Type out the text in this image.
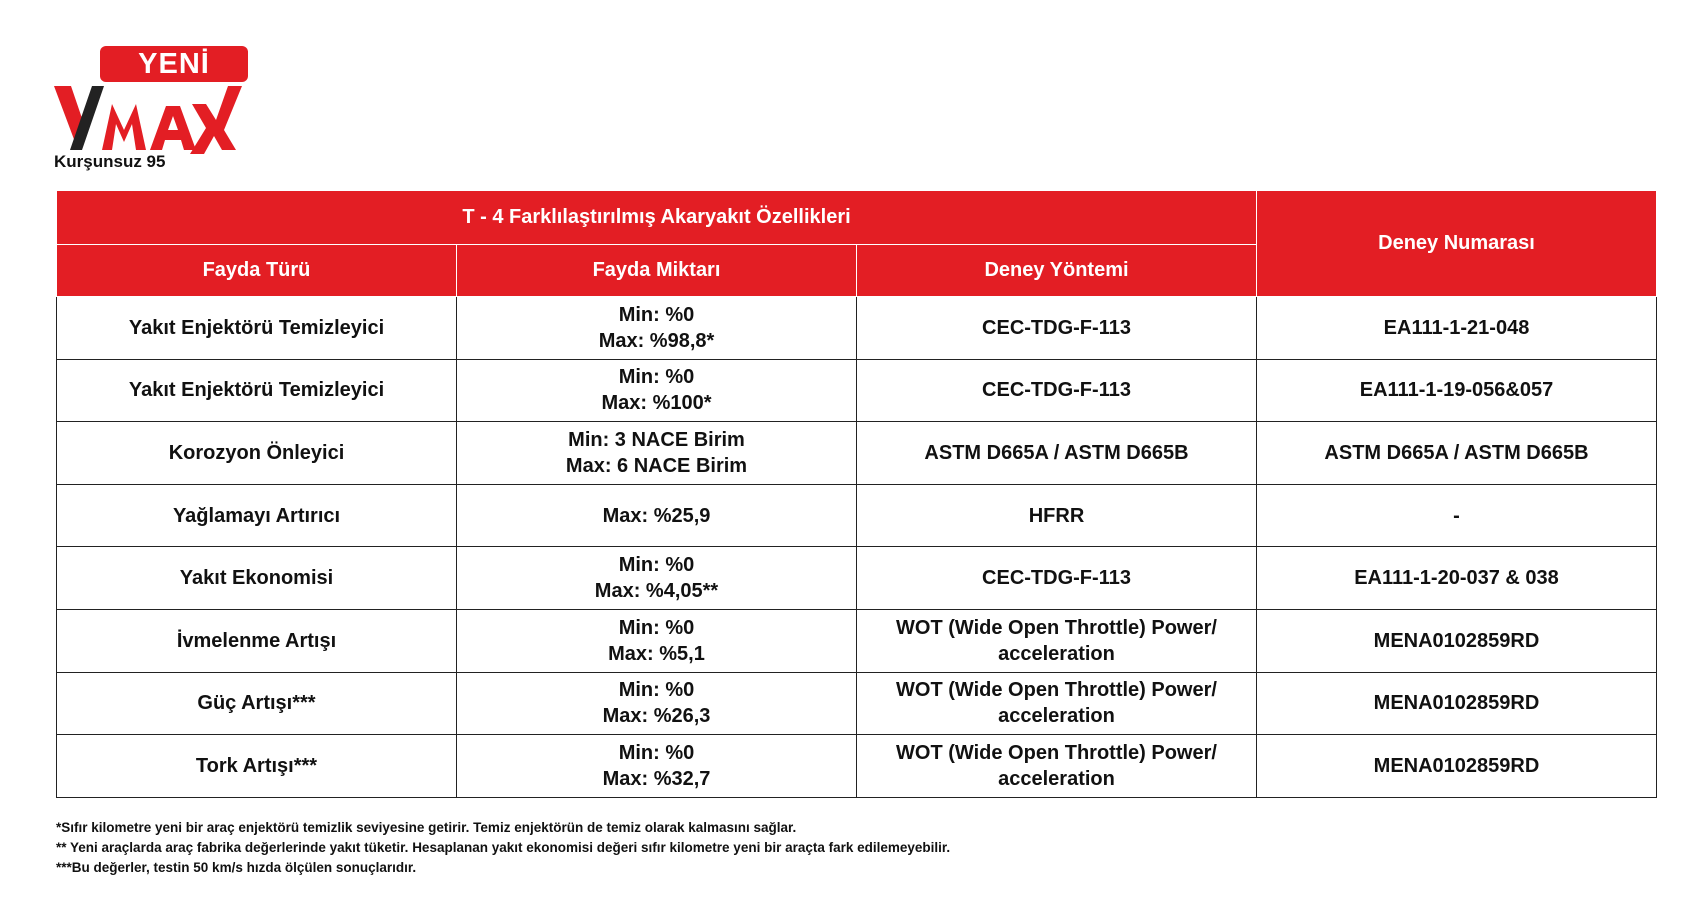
YENİ
Kurşunsuz 95
T - 4 Farklılaştırılmış Akaryakıt Özellikleri			Deney Numarası
Fayda Türü	Fayda Miktarı	Deney Yöntemi	
Yakıt Enjektörü Temizleyici	Min: %0
Max: %98,8*	CEC-TDG-F-113	EA111-1-21-048
Yakıt Enjektörü Temizleyici	Min: %0
Max: %100*	CEC-TDG-F-113	EA111-1-19-056&057
Korozyon Önleyici	Min: 3 NACE Birim
Max: 6 NACE Birim	ASTM D665A / ASTM D665B	ASTM D665A / ASTM D665B
Yağlamayı Artırıcı	Max: %25,9	HFRR	-
Yakıt Ekonomisi	Min: %0
Max: %4,05**	CEC-TDG-F-113	EA111-1-20-037 & 038
İvmelenme Artışı	Min: %0
Max: %5,1	WOT (Wide Open Throttle) Power/
acceleration	MENA0102859RD
Güç Artışı***	Min: %0
Max: %26,3	WOT (Wide Open Throttle) Power/
acceleration	MENA0102859RD
Tork Artışı***	Min: %0
Max: %32,7	WOT (Wide Open Throttle) Power/
acceleration	MENA0102859RD
*Sıfır kilometre yeni bir araç enjektörü temizlik seviyesine getirir. Temiz enjektörün de temiz olarak kalmasını sağlar.
** Yeni araçlarda araç fabrika değerlerinde yakıt tüketir. Hesaplanan yakıt ekonomisi değeri sıfır kilometre yeni bir araçta fark edilemeyebilir.
***Bu değerler, testin 50 km/s hızda ölçülen sonuçlarıdır.
